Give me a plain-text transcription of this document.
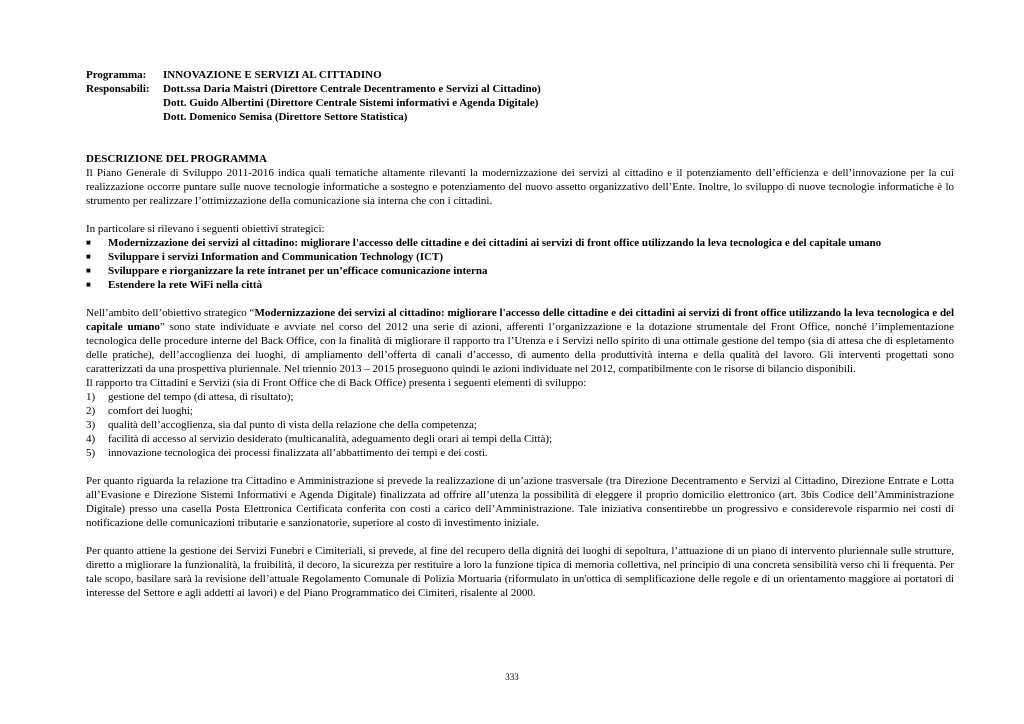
Programma:	INNOVAZIONE E SERVIZI AL CITTADINO
Responsabili:	Dott.ssa Daria Maistri (Direttore Centrale Decentramento e Servizi al Cittadino)
Dott. Guido Albertini (Direttore Centrale Sistemi informativi e Agenda Digitale)
Dott. Domenico Semisa (Direttore Settore Statistica)
DESCRIZIONE DEL PROGRAMMA

Il Piano Generale di Sviluppo 2011-2016 indica quali tematiche altamente rilevanti la modernizzazione dei servizi al cittadino e il potenziamento dell’efficienza e dell’innovazione per la cui realizzazione occorre puntare sulle nuove tecnologie informatiche a sostegno e potenziamento del nuovo assetto organizzativo dell’Ente. Inoltre, lo sviluppo di nuove tecnologie informatiche è lo strumento per realizzare l’ottimizzazione della comunicazione sia interna che con i cittadini.

In particolare si rilevano i seguenti obiettivi strategici:

■	Modernizzazione dei servizi al cittadino: migliorare l'accesso delle cittadine e dei cittadini ai servizi di front office utilizzando la leva tecnologica e del capitale umano
■	Sviluppare i servizi Information and Communication Technology (ICT)
■	Sviluppare e riorganizzare la rete intranet per un’efficace comunicazione interna
■	Estendere la rete WiFi nella città

Nell’ambito dell’obiettivo strategico “Modernizzazione dei servizi al cittadino: migliorare l'accesso delle cittadine e dei cittadini ai servizi di front office utilizzando la leva tecnologica e del capitale umano” sono state individuate e avviate nel corso del 2012 una serie di azioni, afferenti l’organizzazione e la dotazione strumentale del Front Office, nonché l’implementazione tecnologica delle procedure interne del Back Office, con la finalità di migliorare il rapporto tra l’Utenza e i Servizi nello spirito di una ottimale gestione del tempo (sia di attesa che di espletamento delle pratiche), dell’accoglienza dei luoghi, di ampliamento dell’offerta di canali d’accesso, di aumento della produttività interna e della qualità del lavoro. Gli interventi progettati sono caratterizzati da una prospettiva pluriennale. Nel triennio 2013 – 2015 proseguono quindi le azioni individuate nel 2012, compatibilmente con le risorse di bilancio disponibili.

Il rapporto tra Cittadini e Servizi (sia di Front Office che di Back Office) presenta i seguenti elementi di sviluppo:

1)	gestione del tempo (di attesa, di risultato);
2)	comfort dei luoghi;
3)	qualità dell’accoglienza, sia dal punto di vista della relazione che della competenza;
4)	facilità di accesso al servizio desiderato (multicanalità, adeguamento degli orari ai tempi della Città);
5)	innovazione tecnologica dei processi finalizzata all’abbattimento dei tempi e dei costi.

Per quanto riguarda la relazione tra Cittadino e Amministrazione si prevede la realizzazione di un’azione trasversale (tra Direzione Decentramento e Servizi al Cittadino, Direzione Entrate e Lotta all’Evasione e Direzione Sistemi Informativi e Agenda Digitale) finalizzata ad offrire all’utenza la possibilità di eleggere il proprio domicilio elettronico (art. 3bis Codice dell’Amministrazione Digitale) presso una casella Posta Elettronica Certificata conferita con costi a carico dell’Amministrazione. Tale iniziativa consentirebbe un progressivo e considerevole risparmio nei costi di notificazione delle comunicazioni tributarie e sanzionatorie, superiore al costo di investimento iniziale.

Per quanto attiene la gestione dei Servizi Funebri e Cimiteriali, si prevede, al fine del recupero della dignità dei luoghi di sepoltura, l’attuazione di un piano di intervento pluriennale sulle strutture, diretto a migliorare la funzionalità, la fruibilità, il decoro, la sicurezza per restituire a loro la funzione tipica di memoria collettiva, nel principio di una concreta sensibilità verso chi li frequenta. Per tale scopo, basilare sarà la revisione dell’attuale Regolamento Comunale di Polizia Mortuaria (riformulato in un'ottica di semplificazione delle regole e di un orientamento maggiore ai portatori di interesse del Settore e agli addetti ai lavori) e del Piano Programmatico dei Cimiteri, risalente al 2000.

333
